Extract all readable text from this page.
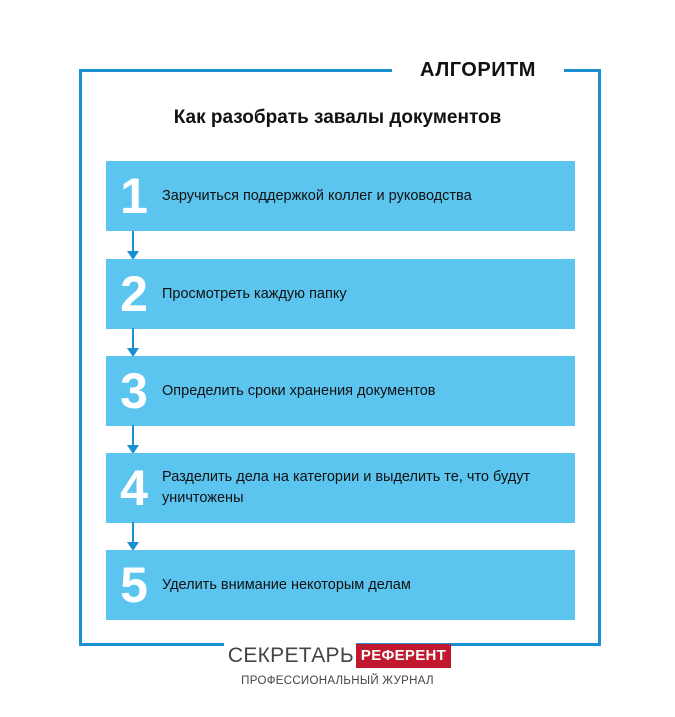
АЛГОРИТМ
Как разобрать завалы документов
1 Заручиться поддержкой коллег и руководства
2 Просмотреть каждую папку
3 Определить сроки хранения документов
4 Разделить дела на категории и выделить те, что будут уничтожены
5 Уделить внимание некоторым делам
СЕКРЕТАРЬ РЕФЕРЕНТ
ПРОФЕССИОНАЛЬНЫЙ ЖУРНАЛ
